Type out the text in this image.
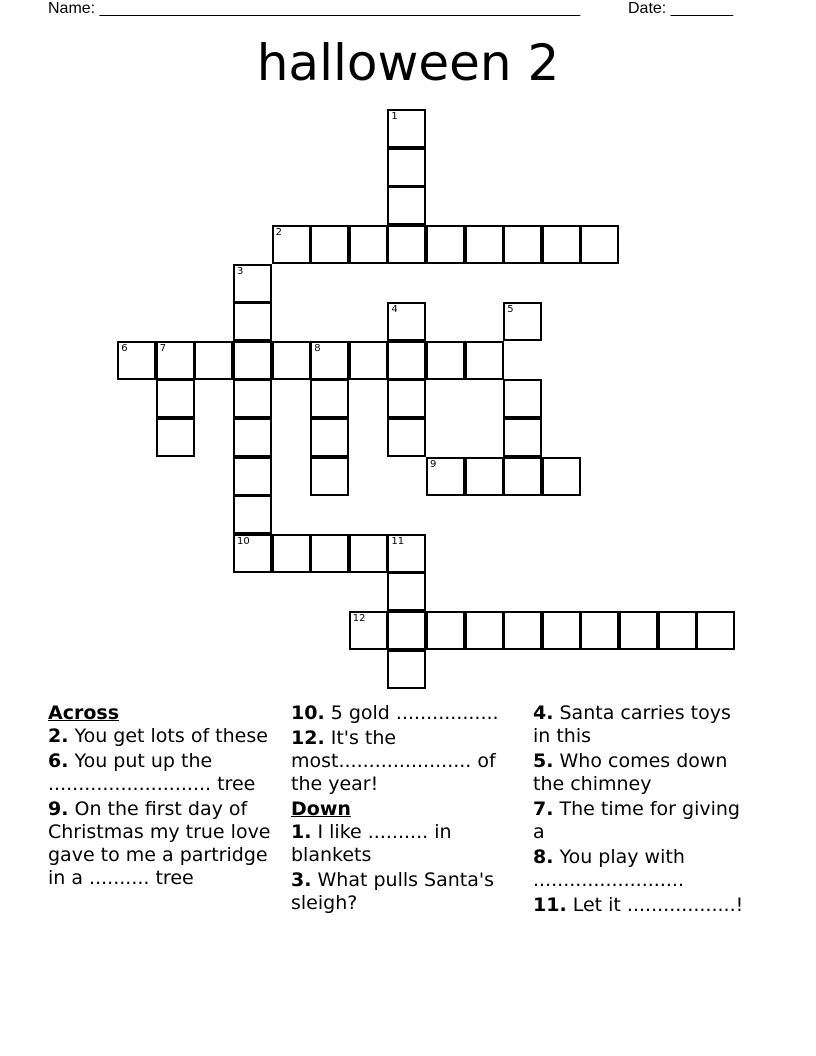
Name: ______________________________________________________	Date: _______
halloween 2
1
2
3
4	5
6	7	8
9
10	11
12
Across
2. You get lots of these
6. You put up the ........................... tree
9. On the first day of Christmas my true love gave to me a partridge in a .......... tree
10. 5 gold .................
12. It's the most...................... of the year!
Down
1. I like .......... in blankets
3. What pulls Santa's sleigh?
4. Santa carries toys in this
5. Who comes down the chimney
7. The time for giving a
8. You play with .........................
11. Let it ..................!
